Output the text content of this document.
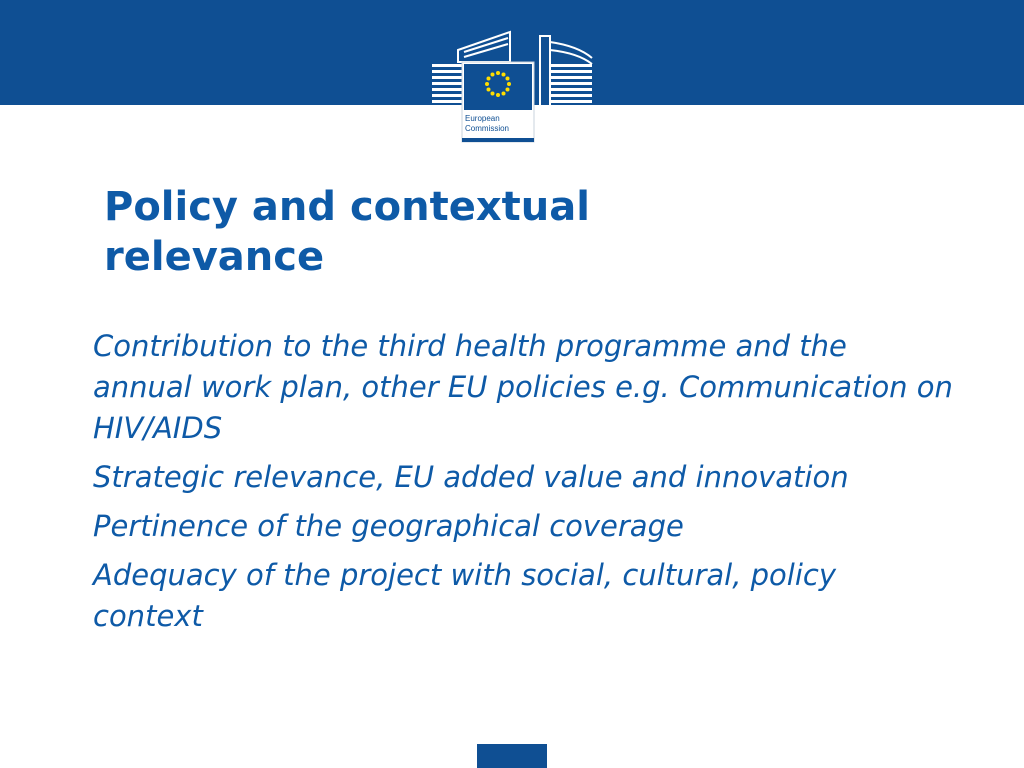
European
Commission
Policy and contextual relevance
Contribution to the third health programme and the annual work plan, other EU policies e.g. Communication on HIV/AIDS
Strategic relevance, EU added value and innovation
Pertinence of the geographical coverage
Adequacy of the project with social, cultural, policy context
